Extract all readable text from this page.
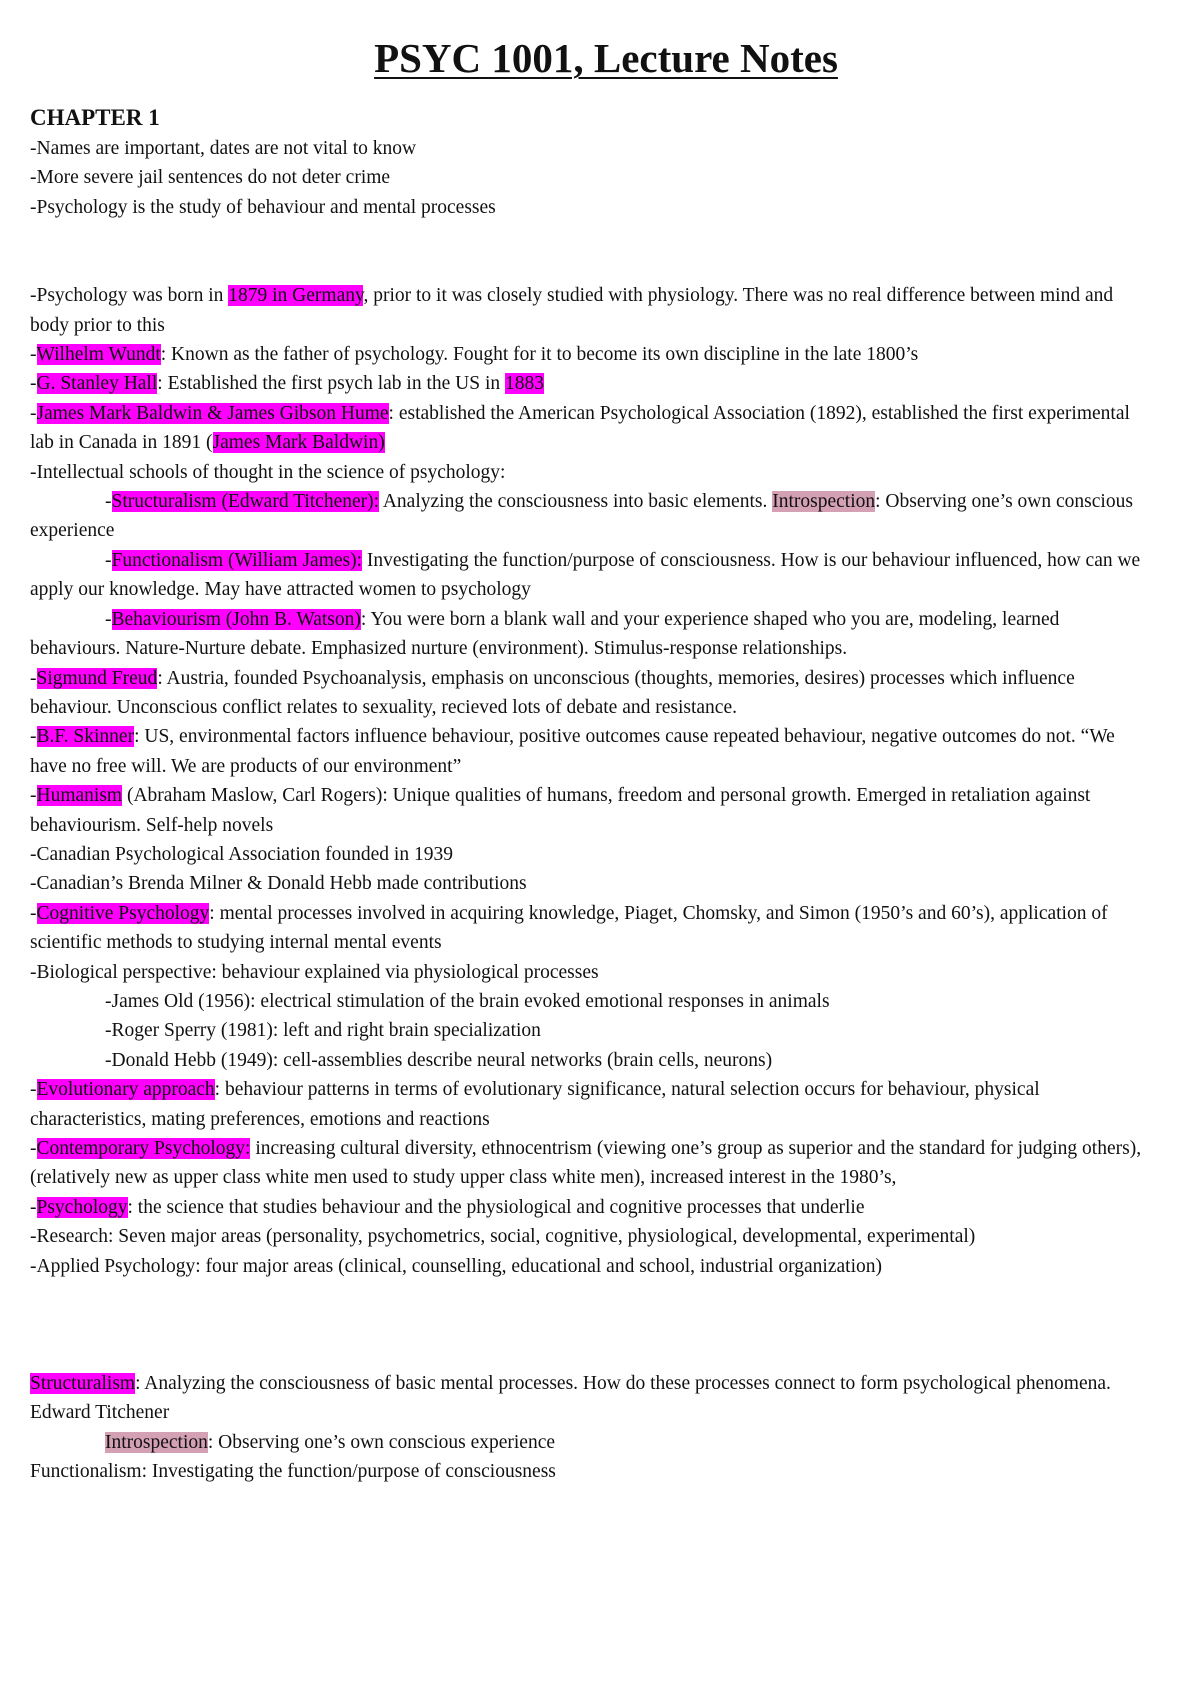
PSYC 1001, Lecture Notes
CHAPTER 1

-Names are important, dates are not vital to know

-More severe jail sentences do not deter crime

-Psychology is the study of behaviour and mental processes

-Psychology was born in 1879 in Germany, prior to it was closely studied with physiology. There was no real difference between mind and body prior to this

-Wilhelm Wundt: Known as the father of psychology. Fought for it to become its own discipline in the late 1800’s

-G. Stanley Hall: Established the first psych lab in the US in 1883

-James Mark Baldwin & James Gibson Hume: established the American Psychological Association (1892), established the first experimental lab in Canada in 1891 (James Mark Baldwin)

-Intellectual schools of thought in the science of psychology:

-Structuralism (Edward Titchener): Analyzing the consciousness into basic elements. Introspection: Observing one’s own conscious experience

-Functionalism (William James): Investigating the function/purpose of consciousness. How is our behaviour influenced, how can we apply our knowledge. May have attracted women to psychology

-Behaviourism (John B. Watson): You were born a blank wall and your experience shaped who you are, modeling, learned behaviours. Nature-Nurture debate. Emphasized nurture (environment). Stimulus-response relationships.

-Sigmund Freud: Austria, founded Psychoanalysis, emphasis on unconscious (thoughts, memories, desires) processes which influence behaviour. Unconscious conflict relates to sexuality, recieved lots of debate and resistance.

-B.F. Skinner: US, environmental factors influence behaviour, positive outcomes cause repeated behaviour, negative outcomes do not. “We have no free will. We are products of our environment”

-Humanism (Abraham Maslow, Carl Rogers): Unique qualities of humans, freedom and personal growth. Emerged in retaliation against behaviourism. Self-help novels

-Canadian Psychological Association founded in 1939

-Canadian’s Brenda Milner & Donald Hebb made contributions

-Cognitive Psychology: mental processes involved in acquiring knowledge, Piaget, Chomsky, and Simon (1950’s and 60’s), application of scientific methods to studying internal mental events

-Biological perspective: behaviour explained via physiological processes

-James Old (1956): electrical stimulation of the brain evoked emotional responses in animals

-Roger Sperry (1981): left and right brain specialization

-Donald Hebb (1949): cell-assemblies describe neural networks (brain cells, neurons)

-Evolutionary approach: behaviour patterns in terms of evolutionary significance, natural selection occurs for behaviour, physical characteristics, mating preferences, emotions and reactions

-Contemporary Psychology: increasing cultural diversity, ethnocentrism (viewing one’s group as superior and the standard for judging others), (relatively new as upper class white men used to study upper class white men), increased interest in the 1980’s,

-Psychology: the science that studies behaviour and the physiological and cognitive processes that underlie

-Research: Seven major areas (personality, psychometrics, social, cognitive, physiological, developmental, experimental)

-Applied Psychology: four major areas (clinical, counselling, educational and school, industrial organization)

Structuralism: Analyzing the consciousness of basic mental processes. How do these processes connect to form psychological phenomena. Edward Titchener

Introspection: Observing one’s own conscious experience

Functionalism: Investigating the function/purpose of consciousness
